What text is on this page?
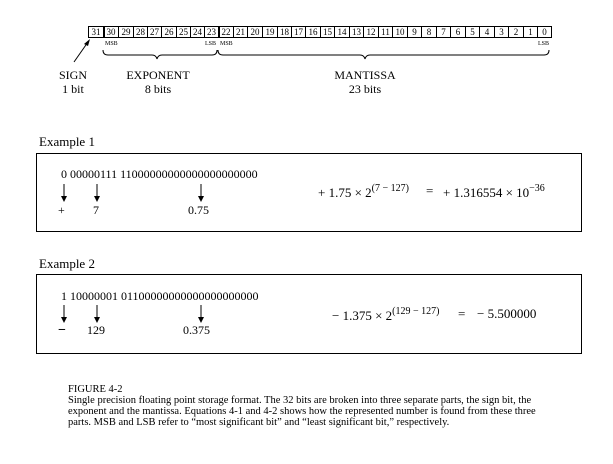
31 30 29 28 27 26 25 24 23 22 21 20 19 18 17 16 15 14 13 12 11 10 9	8	7	6	5	4	3	2	1	0
MSB	LSB MSB	LSB
SIGN
1 bit
EXPONENT
8 bits
MANTISSA
23 bits
Example 1
0 00000111 11000000000000000000000
+ 7	0.75
+ $1.75 \times 2^{(7 - 127)}$ = + $1.316554 \times 10^{-36}$
Example 2
1 10000001 01100000000000000000000
− 129	0.375
− $1.375 \times 2^{(129 - 127)}$ = − 5.500000
FIGURE 4-2
Single precision floating point storage format. The 32 bits are broken into three separate parts, the sign bit, the exponent and the mantissa. Equations 4-1 and 4-2 shows how the represented number is found from these three parts. MSB and LSB refer to “most significant bit” and “least significant bit,” respectively.
